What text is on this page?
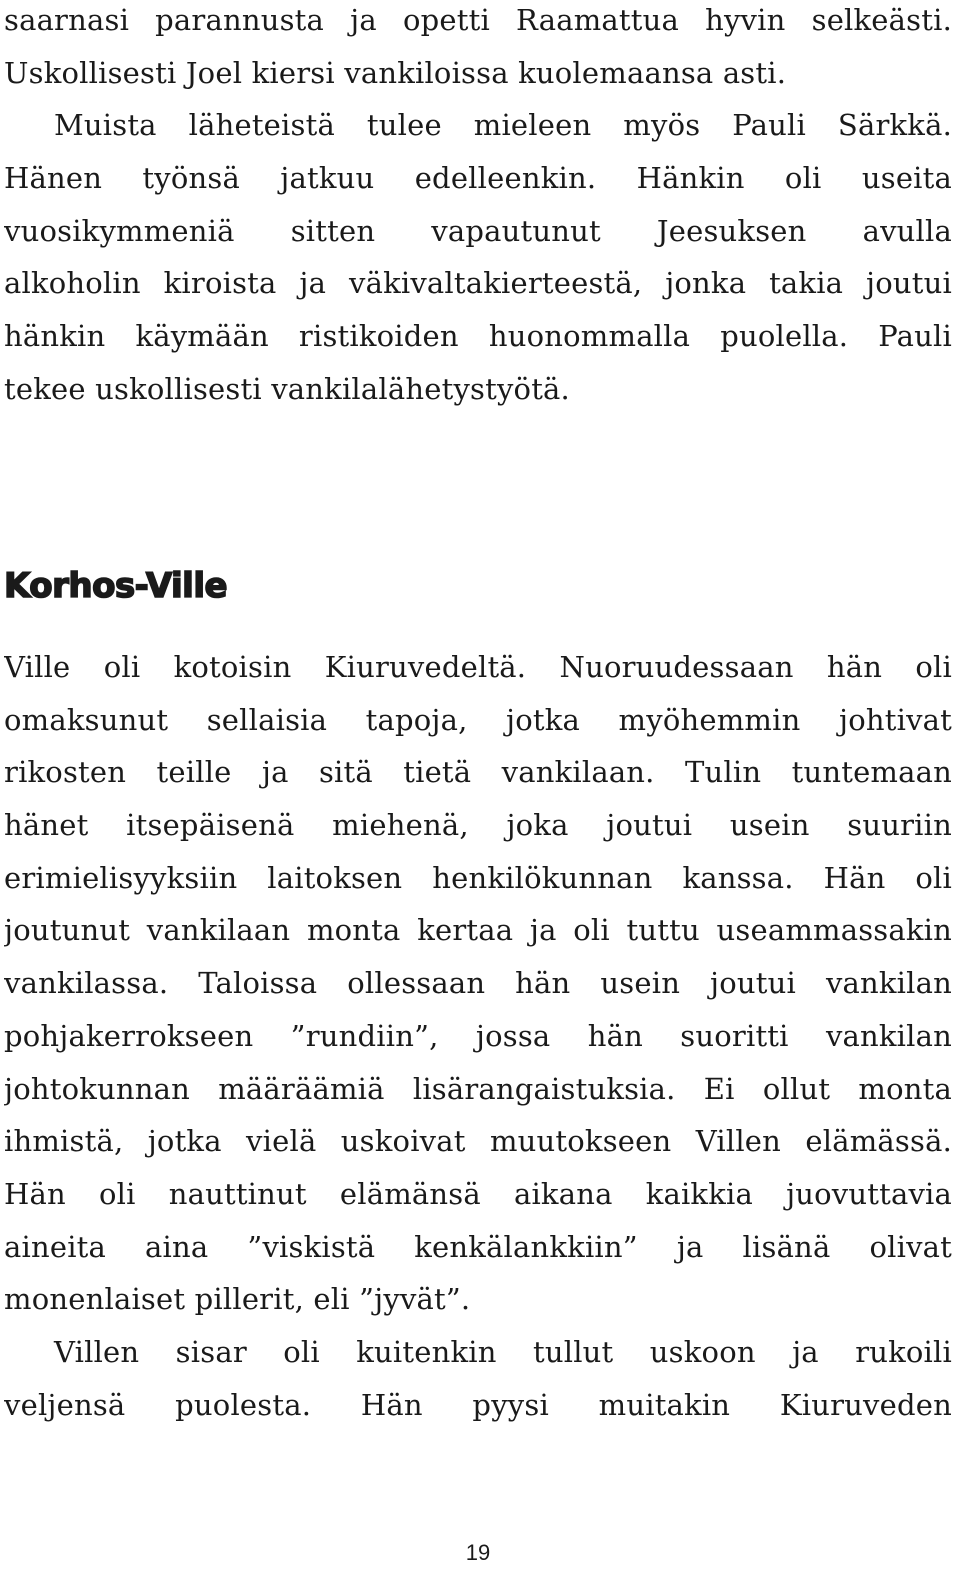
saarnasi parannusta ja opetti Raamattua hyvin selkeästi.
Uskollisesti Joel kiersi vankiloissa kuolemaansa asti.
Muista läheteistä tulee mieleen myös Pauli Särkkä.
Hänen työnsä jatkuu edelleenkin. Hänkin oli useita
vuosikymmeniä sitten vapautunut Jeesuksen avulla
alkoholin kiroista ja väkivaltakierteestä, jonka takia joutui
hänkin käymään ristikoiden huonommalla puolella. Pauli
tekee uskollisesti vankilalähetystyötä.
Korhos-Ville
Ville oli kotoisin Kiuruvedeltä. Nuoruudessaan hän oli
omaksunut sellaisia tapoja, jotka myöhemmin johtivat
rikosten teille ja sitä tietä vankilaan. Tulin tuntemaan
hänet itsepäisenä miehenä, joka joutui usein suuriin
erimielisyyksiin laitoksen henkilökunnan kanssa. Hän oli
joutunut vankilaan monta kertaa ja oli tuttu useammassakin
vankilassa. Taloissa ollessaan hän usein joutui vankilan
pohjakerrokseen ”rundiin”, jossa hän suoritti vankilan
johtokunnan määräämiä lisärangaistuksia. Ei ollut monta
ihmistä, jotka vielä uskoivat muutokseen Villen elämässä.
Hän oli nauttinut elämänsä aikana kaikkia juovuttavia
aineita aina ”viskistä kenkälankkiin” ja lisänä olivat
monenlaiset pillerit, eli ”jyvät”.
Villen sisar oli kuitenkin tullut uskoon ja rukoili
veljensä puolesta. Hän pyysi muitakin Kiuruveden
19
